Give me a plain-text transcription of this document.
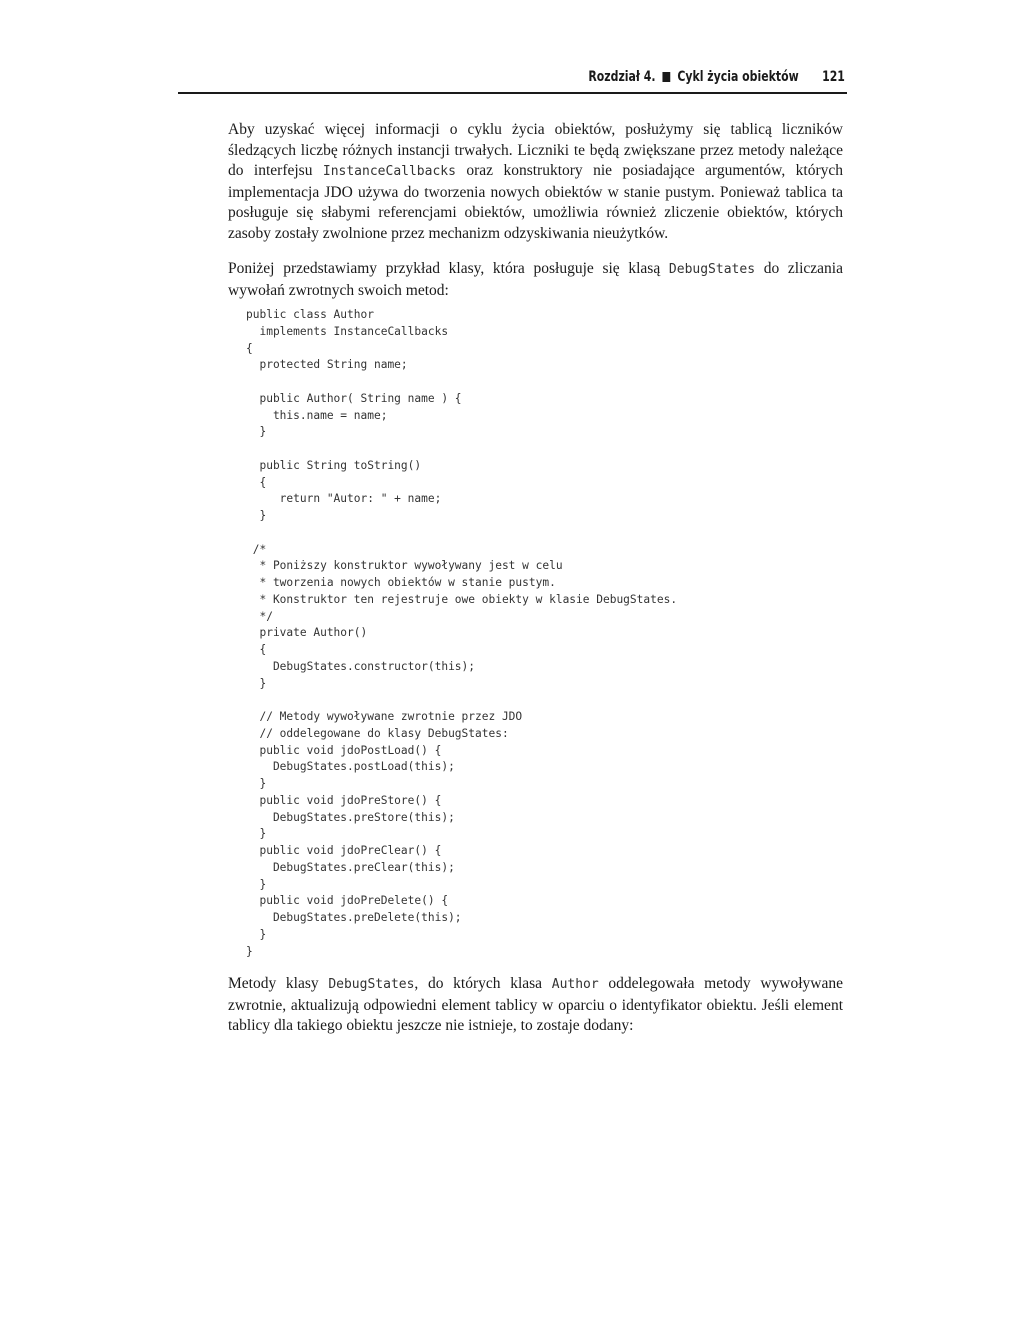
Rozdział 4. Cykl życia obiektów 121

Aby uzyskać więcej informacji o cyklu życia obiektów, posłużymy się tablicą liczników śledzących liczbę różnych instancji trwałych. Liczniki te będą zwiększane przez metody należące do interfejsu InstanceCallbacks oraz konstruktory nie posiadające argumentów, których implementacja JDO używa do tworzenia nowych obiektów w stanie pustym. Ponieważ tablica ta posługuje się słabymi referencjami obiektów, umożliwia również zliczenie obiektów, których zasoby zostały zwolnione przez mechanizm odzyskiwania nieużytków.

Poniżej przedstawiamy przykład klasy, która posługuje się klasą DebugStates do zliczania wywołań zwrotnych swoich metod:

public class Author
implements InstanceCallbacks
{
protected String name;
public Author( String name ) {
this.name = name;
}
public String toString()
{
return "Autor: " + name;
}
/*
* Poniższy konstruktor wywoływany jest w celu
* tworzenia nowych obiektów w stanie pustym.
* Konstruktor ten rejestruje owe obiekty w klasie DebugStates.
*/
private Author()
{
DebugStates.constructor(this);
}
// Metody wywoływane zwrotnie przez JDO
// oddelegowane do klasy DebugStates:
public void jdoPostLoad() {
DebugStates.postLoad(this);
}
public void jdoPreStore() {
DebugStates.preStore(this);
}
public void jdoPreClear() {
DebugStates.preClear(this);
}
public void jdoPreDelete() {
DebugStates.preDelete(this);
}
}

Metody klasy DebugStates, do których klasa Author oddelegowała metody wywoływane zwrotnie, aktualizują odpowiedni element tablicy w oparciu o identyfikator obiektu. Jeśli element tablicy dla takiego obiektu jeszcze nie istnieje, to zostaje dodany:
